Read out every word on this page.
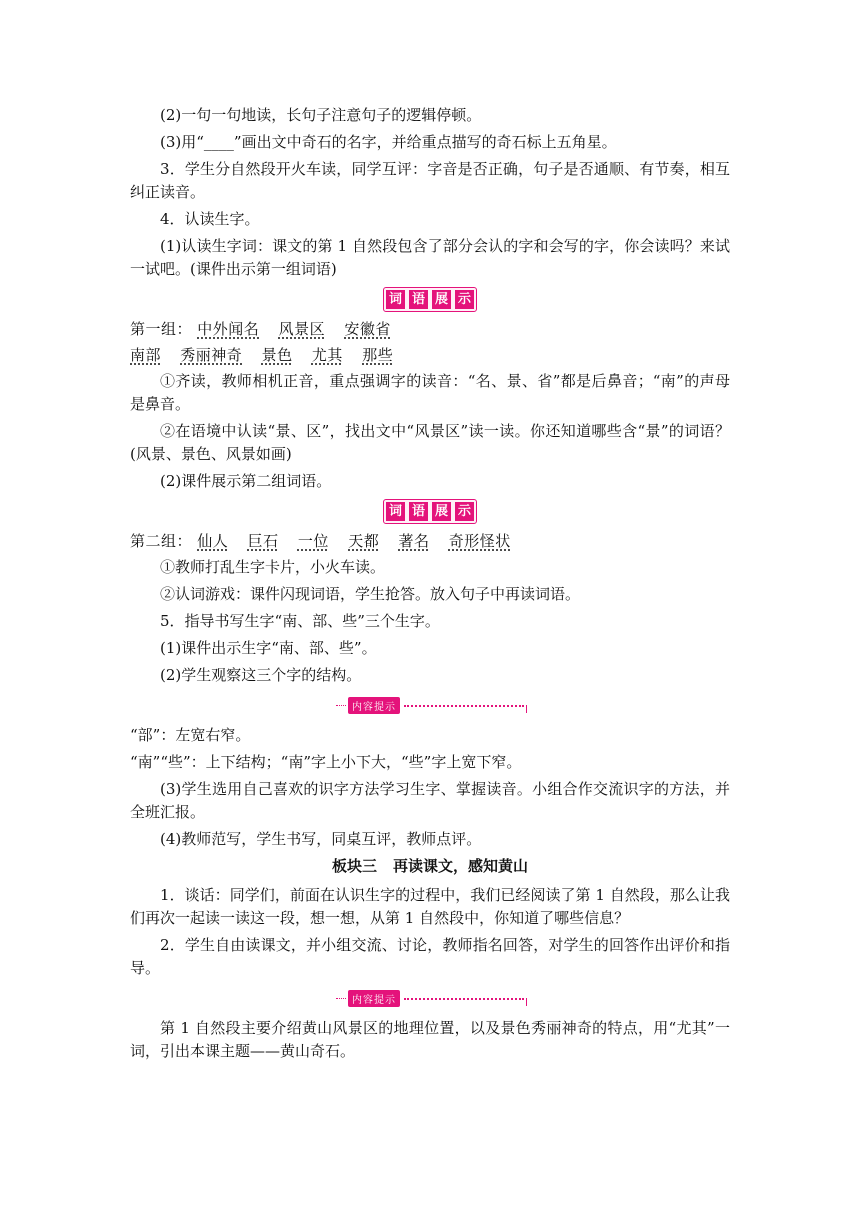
(2)一句一句地读，长句子注意句子的逻辑停顿。

(3)用“____”画出文中奇石的名字，并给重点描写的奇石标上五角星。

3．学生分自然段开火车读，同学互评：字音是否正确，句子是否通顺、有节奏，相互纠正读音。

4．认读生字。

(1)认读生字词：课文的第 1 自然段包含了部分会认的字和会写的字，你会读吗？来试一试吧。(课件出示第一组词语)

词 语 展 示
第一组： 中外闻名 风景区 安徽省
南部 秀丽神奇 景色 尤其 那些

①齐读，教师相机正音，重点强调字的读音：“名、景、省”都是后鼻音；“南”的声母是鼻音。

②在语境中认读“景、区”，找出文中“风景区”读一读。你还知道哪些含“景”的词语？(风景、景色、风景如画)

(2)课件展示第二组词语。

词 语 展 示
第二组： 仙人 巨石 一位 天都 著名 奇形怪状

①教师打乱生字卡片，小火车读。

②认词游戏：课件闪现词语，学生抢答。放入句子中再读词语。

5．指导书写生字“南、部、些”三个生字。

(1)课件出示生字“南、部、些”。

(2)学生观察这三个字的结构。

内容提示

“部”：左宽右窄。

“南”“些”：上下结构；“南”字上小下大，“些”字上宽下窄。

(3)学生选用自己喜欢的识字方法学习生字、掌握读音。小组合作交流识字的方法，并全班汇报。

(4)教师范写，学生书写，同桌互评，教师点评。

板块三 再读课文，感知黄山

1．谈话：同学们，前面在认识生字的过程中，我们已经阅读了第 1 自然段，那么让我们再次一起读一读这一段，想一想，从第 1 自然段中，你知道了哪些信息？

2．学生自由读课文，并小组交流、讨论，教师指名回答，对学生的回答作出评价和指导。

内容提示

第 1 自然段主要介绍黄山风景区的地理位置，以及景色秀丽神奇的特点，用“尤其”一词，引出本课主题——黄山奇石。
